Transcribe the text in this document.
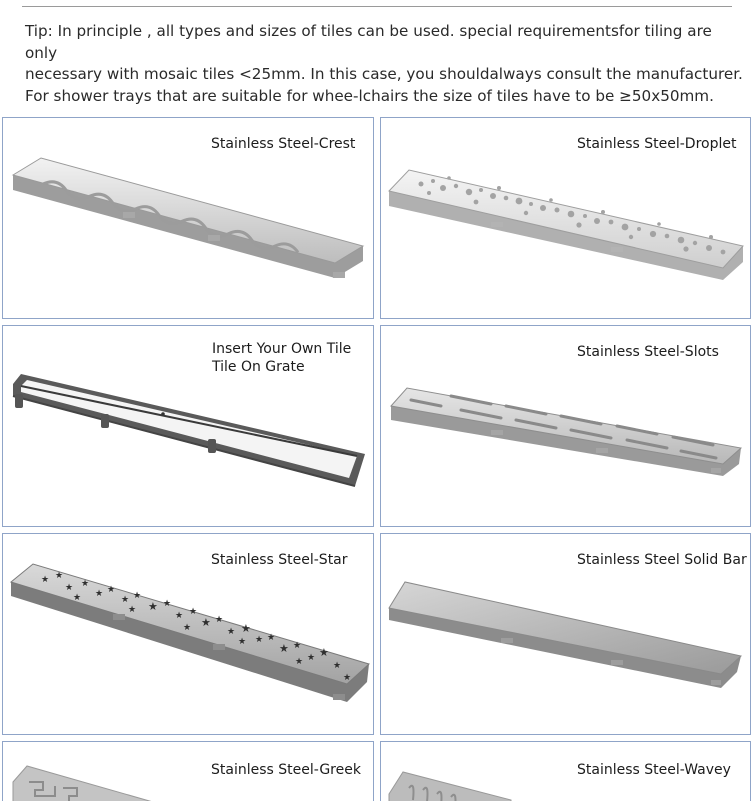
Tip: In principle , all types and sizes of tiles can be used. special requirementsfor tiling are only
necessary with mosaic tiles <25mm. In this case, you shouldalways consult the manufacturer.
For shower trays that are suitable for whee-lchairs the size of tiles have to be ≥50x50mm.
Stainless Steel-Crest	Stainless Steel-Droplet
Insert Your Own Tile
Tile On Grate
Stainless Steel-Slots
Stainless Steel-Star
★ ★
★ ★
★ ★
★ ★
★ ★
★ ★
★ ★
★ ★
★ ★
★ ★
★ ★
★
★
★
★
★
★
★
Stainless Steel Solid Bar
Stainless Steel-Greek	Stainless Steel-Wavey
